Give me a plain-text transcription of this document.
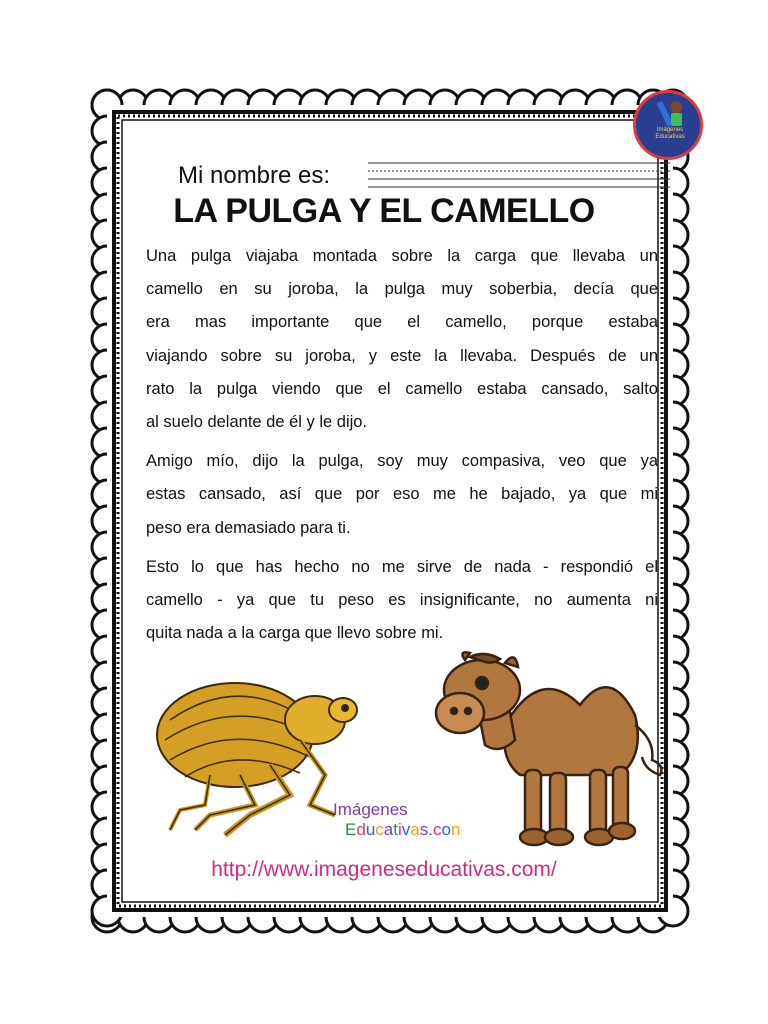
Imágenes Educativas
Mi nombre es:
LA PULGA Y EL CAMELLO

Una pulga viajaba montada sobre la carga que llevaba un
camello en su joroba, la pulga muy soberbia, decía que
era mas importante que el camello, porque estaba
viajando sobre su joroba, y este la llevaba. Después de un
rato la pulga viendo que el camello estaba cansado, salto
al suelo delante de él y le dijo.

Amigo mío, dijo la pulga, soy muy compasiva, veo que ya
estas cansado, así que por eso me he bajado, ya que mi
peso era demasiado para ti.

Esto lo que has hecho no me sirve de nada - respondió el
camello - ya que tu peso es insignificante, no aumenta ni
quita nada a la carga que llevo sobre mi.

Imágenes
Educativas.con
http://www.imageneseducativas.com/
